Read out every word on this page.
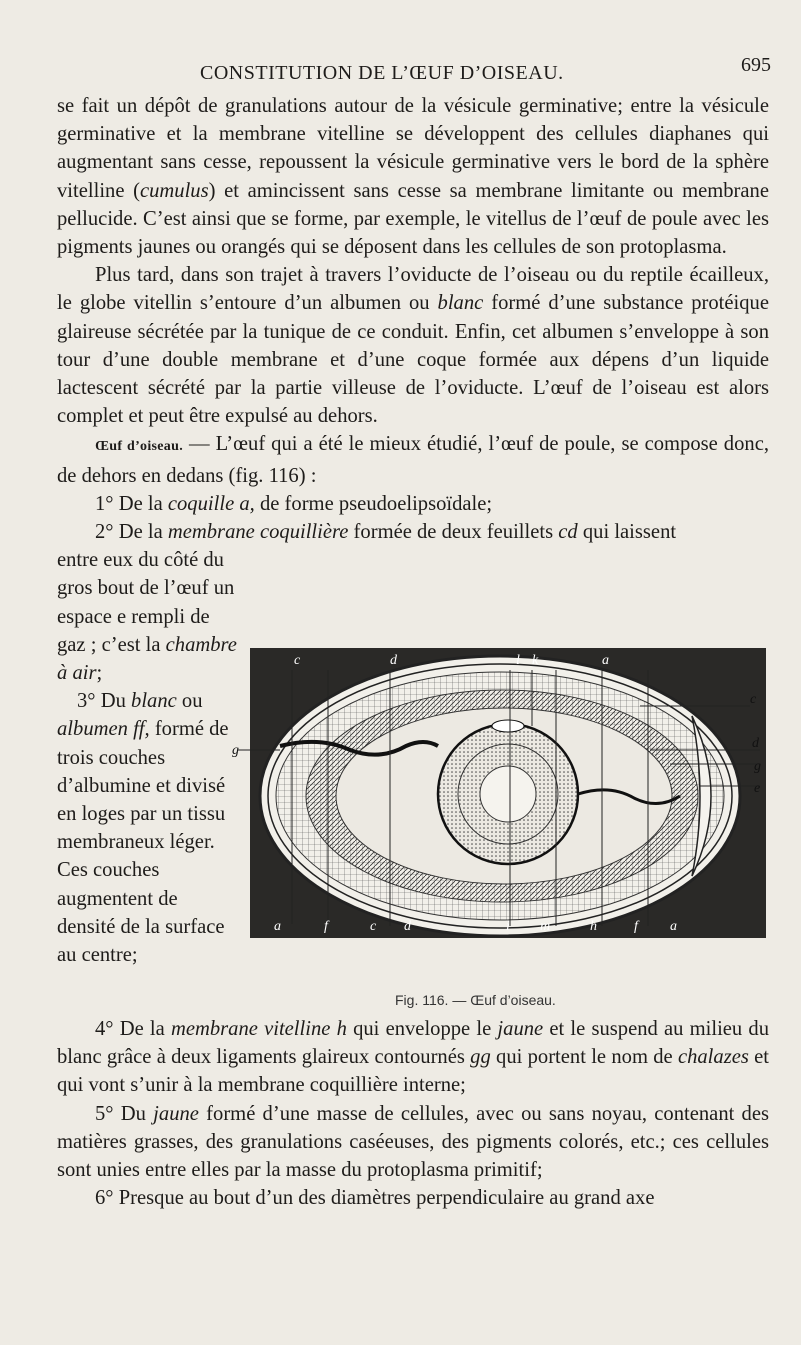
CONSTITUTION DE L’ŒUF D’OISEAU.	695

se fait un dépôt de granulations autour de la vésicule germinative; entre la vésicule germinative et la membrane vitelline se développent des cellules diaphanes qui augmentant sans cesse, repoussent la vésicule germinative vers le bord de la sphère vitelline (cumulus) et amincissent sans cesse sa membrane limitante ou membrane pellucide. C’est ainsi que se forme, par exemple, le vitellus de l’œuf de poule avec les pigments jaunes ou orangés qui se déposent dans les cellules de son protoplasma.

Plus tard, dans son trajet à travers l’oviducte de l’oiseau ou du reptile écailleux, le globe vitellin s’entoure d’un albumen ou blanc formé d’une substance protéique glaireuse sécrétée par la tunique de ce conduit. Enfin, cet albumen s’enveloppe à son tour d’une double membrane et d’une coque formée aux dépens d’un liquide lactescent sécrété par la partie villeuse de l’oviducte. L’œuf de l’oiseau est alors complet et peut être expulsé au dehors.

Œuf d’oiseau. — L’œuf qui a été le mieux étudié, l’œuf de poule, se compose donc, de dehors en dedans (fig. 116) :

1° De la coquille a, de forme pseudoelipsoïdale;

2° De la membrane coquillière formée de deux feuillets cd qui laissent

entre eux du côté du gros bout de l’œuf un espace e rempli de gaz ; c’est la chambre à air;

3° Du blanc ou albumen ff, formé de trois couches d’albumine et divisé en loges par un tissu membraneux léger. Ces couches augmentent de densité de la surface au centre;

c	d	l k	a
i m	h	f a
a	f	c d
c
d
g
e
g
Fig. 116. — Œuf d’oiseau.

4° De la membrane vitelline h qui enveloppe le jaune et le suspend au milieu du blanc grâce à deux ligaments glaireux contournés gg qui portent le nom de chalazes et qui vont s’unir à la membrane coquillière interne;

5° Du jaune formé d’une masse de cellules, avec ou sans noyau, contenant des matières grasses, des granulations caséeuses, des pigments colorés, etc.; ces cellules sont unies entre elles par la masse du protoplasma primitif;

6° Presque au bout d’un des diamètres perpendiculaire au grand axe
